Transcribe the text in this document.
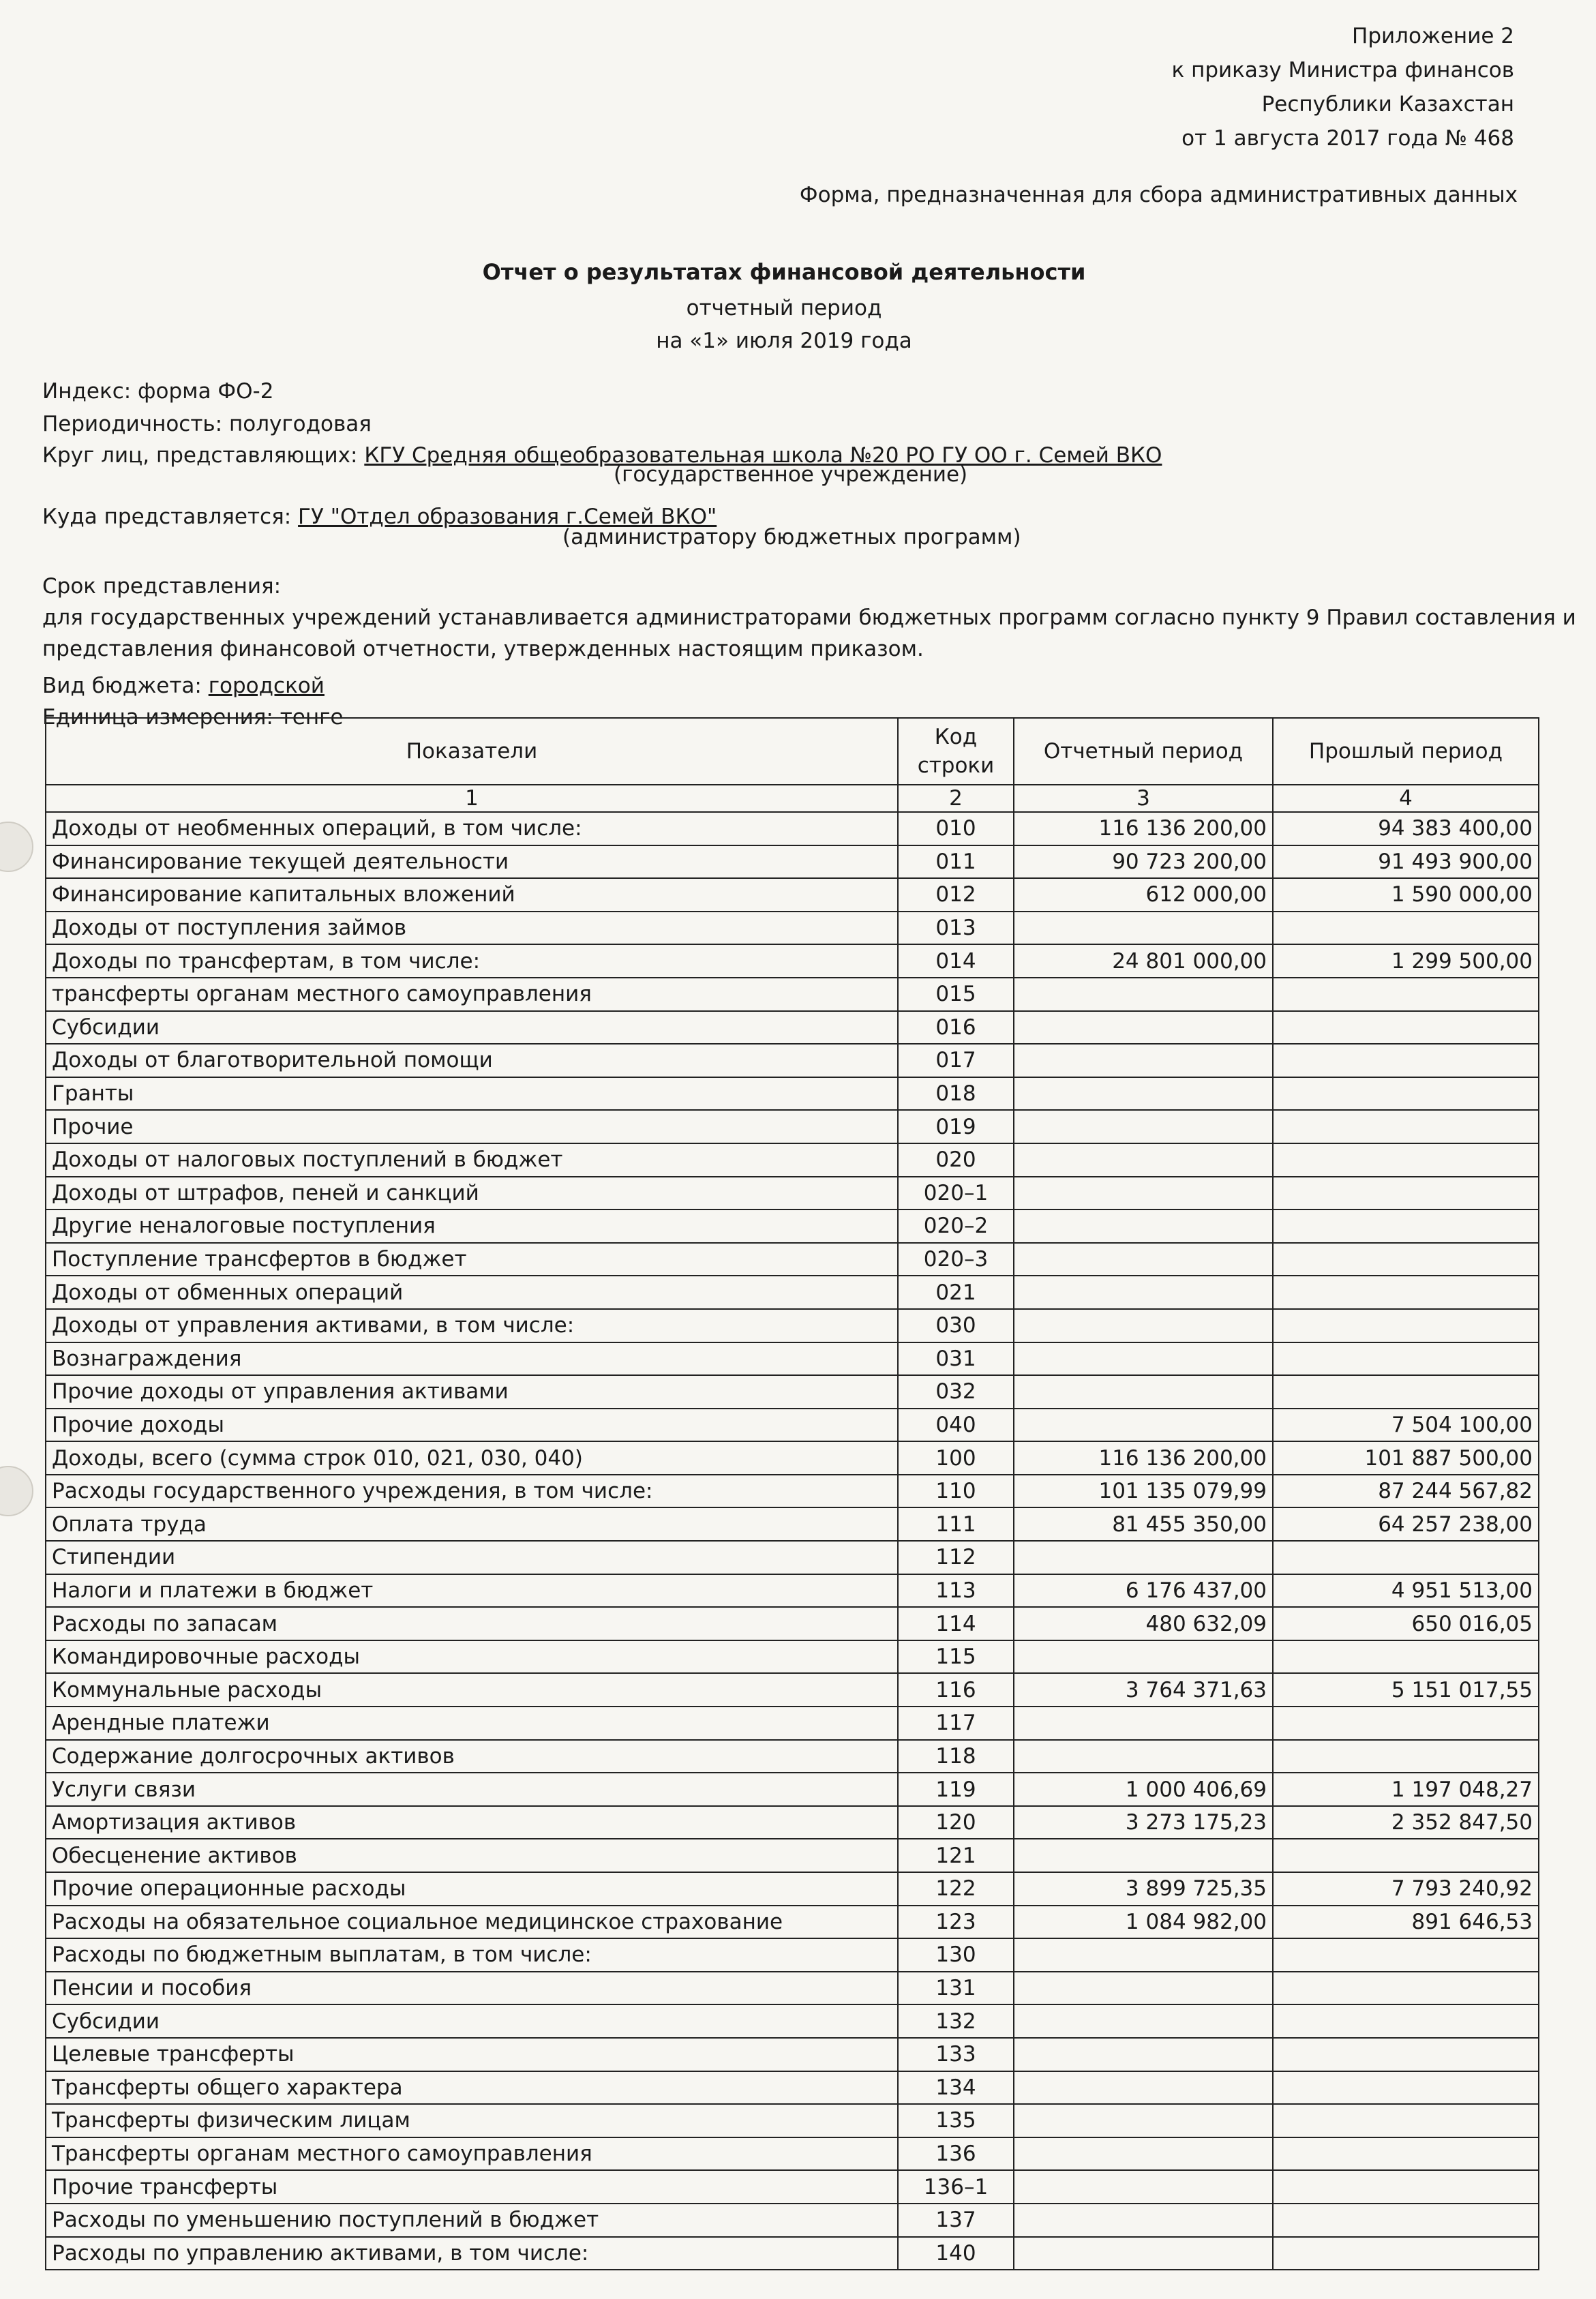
Приложение 2
к приказу Министра финансов
Республики Казахстан
от 1 августа 2017 года № 468
Форма, предназначенная для сбора административных данных
Отчет о результатах финансовой деятельности
отчетный период
на «1» июля 2019 года
Индекс: форма ФО-2
Периодичность: полугодовая
Круг лиц, представляющих: КГУ Средняя общеобразовательная школа №20 РО ГУ ОО г. Семей ВКО
(государственное учреждение)
Куда представляется: ГУ "Отдел образования г.Семей ВКО"
(администратору бюджетных программ)
Срок представления:
для государственных учреждений устанавливается администраторами бюджетных программ согласно пункту 9 Правил составления и
представления финансовой отчетности, утвержденных настоящим приказом.
Вид бюджета: городской
Единица измерения: тенге
Показатели	Код строки	Отчетный период	Прошлый период
1	2	3	4
Доходы от необменных операций, в том числе:	010	116 136 200,00	94 383 400,00
Финансирование текущей деятельности	011	90 723 200,00	91 493 900,00
Финансирование капитальных вложений	012	612 000,00	1 590 000,00
Доходы от поступления займов	013		
Доходы по трансфертам, в том числе:	014	24 801 000,00	1 299 500,00
трансферты органам местного самоуправления	015		
Субсидии	016		
Доходы от благотворительной помощи	017		
Гранты	018		
Прочие	019		
Доходы от налоговых поступлений в бюджет	020		
Доходы от штрафов, пеней и санкций	020–1		
Другие неналоговые поступления	020–2		
Поступление трансфертов в бюджет	020–3		
Доходы от обменных операций	021		
Доходы от управления активами, в том числе:	030		
Вознаграждения	031		
Прочие доходы от управления активами	032		
Прочие доходы	040		7 504 100,00
Доходы, всего (сумма строк 010, 021, 030, 040)	100	116 136 200,00	101 887 500,00
Расходы государственного учреждения, в том числе:	110	101 135 079,99	87 244 567,82
Оплата труда	111	81 455 350,00	64 257 238,00
Стипендии	112		
Налоги и платежи в бюджет	113	6 176 437,00	4 951 513,00
Расходы по запасам	114	480 632,09	650 016,05
Командировочные расходы	115		
Коммунальные расходы	116	3 764 371,63	5 151 017,55
Арендные платежи	117		
Содержание долгосрочных активов	118		
Услуги связи	119	1 000 406,69	1 197 048,27
Амортизация активов	120	3 273 175,23	2 352 847,50
Обесценение активов	121		
Прочие операционные расходы	122	3 899 725,35	7 793 240,92
Расходы на обязательное социальное медицинское страхование	123	1 084 982,00	891 646,53
Расходы по бюджетным выплатам, в том числе:	130		
Пенсии и пособия	131		
Субсидии	132		
Целевые трансферты	133		
Трансферты общего характера	134		
Трансферты физическим лицам	135		
Трансферты органам местного самоуправления	136		
Прочие трансферты	136–1		
Расходы по уменьшению поступлений в бюджет	137		
Расходы по управлению активами, в том числе:	140		
